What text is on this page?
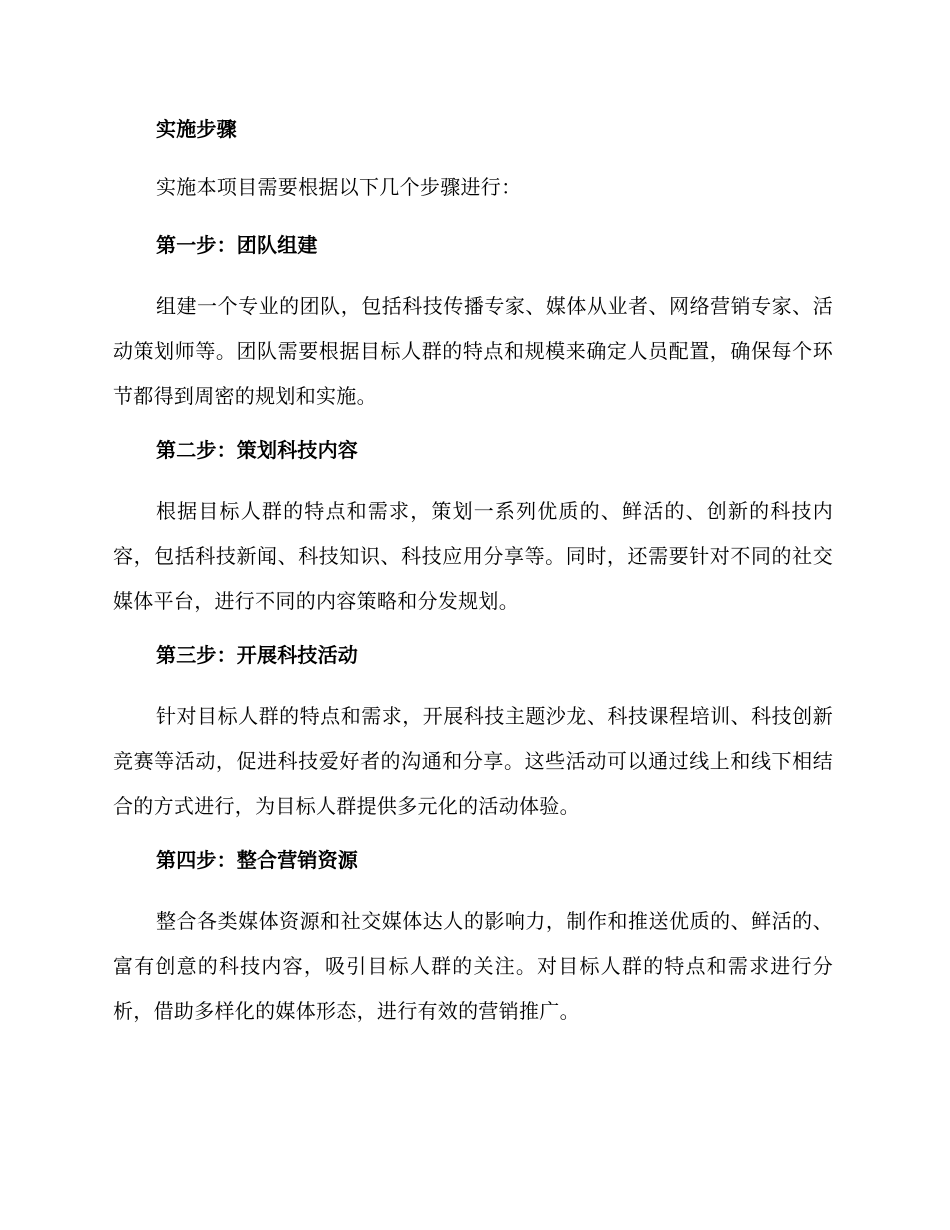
实施步骤

实施本项目需要根据以下几个步骤进行：

第一步：团队组建

组建一个专业的团队，包括科技传播专家、媒体从业者、网络营销专家、活动策划师等。团队需要根据目标人群的特点和规模来确定人员配置，确保每个环节都得到周密的规划和实施。

第二步：策划科技内容

根据目标人群的特点和需求，策划一系列优质的、鲜活的、创新的科技内容，包括科技新闻、科技知识、科技应用分享等。同时，还需要针对不同的社交媒体平台，进行不同的内容策略和分发规划。

第三步：开展科技活动

针对目标人群的特点和需求，开展科技主题沙龙、科技课程培训、科技创新竞赛等活动，促进科技爱好者的沟通和分享。这些活动可以通过线上和线下相结合的方式进行，为目标人群提供多元化的活动体验。

第四步：整合营销资源

整合各类媒体资源和社交媒体达人的影响力，制作和推送优质的、鲜活的、富有创意的科技内容，吸引目标人群的关注。对目标人群的特点和需求进行分析，借助多样化的媒体形态，进行有效的营销推广。
